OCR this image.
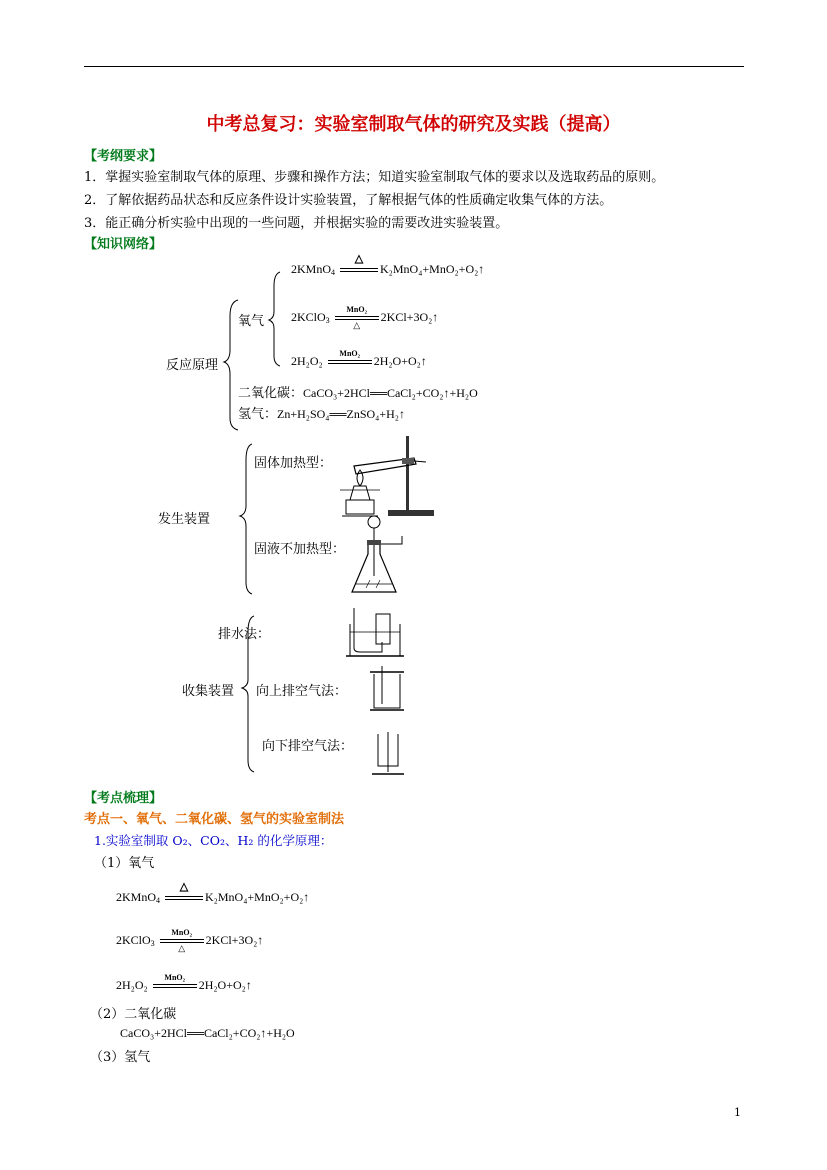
中考总复习：实验室制取气体的研究及实践（提高）
【考纲要求】
1．掌握实验室制取气体的原理、步骤和操作方法；知道实验室制取气体的要求以及选取药品的原则。
2．了解依据药品状态和反应条件设计实验装置，了解根据气体的性质确定收集气体的方法。
3．能正确分析实验中出现的一些问题，并根据实验的需要改进实验装置。
【知识网络】
反应原理
氧气
2KMnO$_4$
△
K₂MnO₄+MnO₂+O₂↑
2KClO$_3$
MnO₂
△
2KCl+3O₂↑
2H₂O₂
MnO₂
2H₂O+O₂↑
二氧化碳：CaCO₃+2HCl══CaCl₂+CO₂↑+H₂O
氢气：Zn+H₂SO₄══ZnSO₄+H₂↑
发生装置
固体加热型：
固液不加热型：
排水法：
收集装置 向上排空气法：
向下排空气法：
【考点梳理】
考点一、氧气、二氧化碳、氢气的实验室制法
1.实验室制取 O₂、CO₂、H₂ 的化学原理：
（1）氧气
2KMnO$_4$
△
K₂MnO₄+MnO₂+O₂↑
2KClO$_3$
MnO₂
△
2KCl+3O₂↑
2H₂O₂
MnO₂
2H₂O+O₂↑
（2）二氧化碳
CaCO₃+2HCl══CaCl₂+CO₂↑+H₂O
（3）氢气
1
